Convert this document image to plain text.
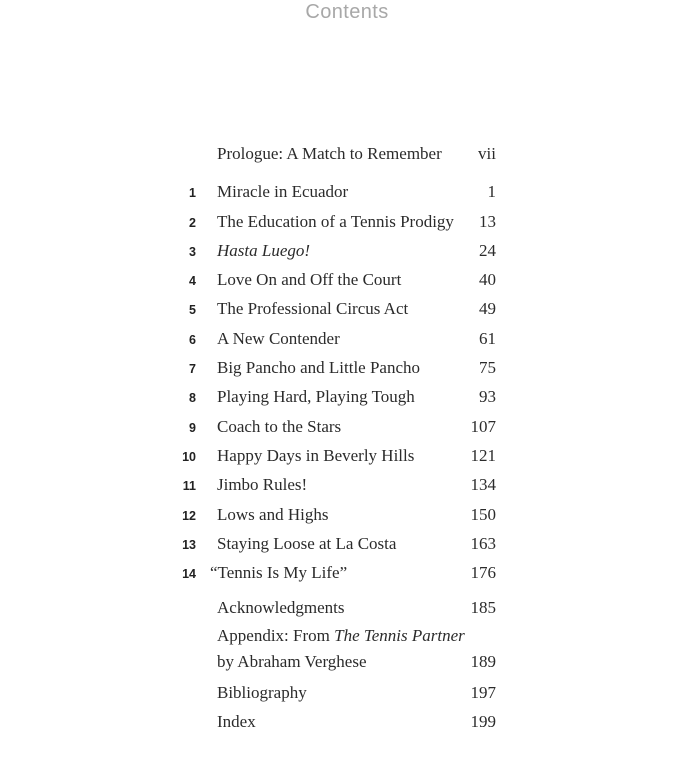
Contents
Prologue: A Match to Remember	vii
1	Miracle in Ecuador	1
2	The Education of a Tennis Prodigy	13
3	Hasta Luego!	24
4	Love On and Off the Court	40
5	The Professional Circus Act	49
6	A New Contender	61
7	Big Pancho and Little Pancho	75
8	Playing Hard, Playing Tough	93
9	Coach to the Stars	107
10	Happy Days in Beverly Hills	121
11	Jimbo Rules!	134
12	Lows and Highs	150
13	Staying Loose at La Costa	163
14 “Tennis Is My Life”	176
Acknowledgments	185
Appendix: From The Tennis Partner
by Abraham Verghese	189
Bibliography	197
Index	199
